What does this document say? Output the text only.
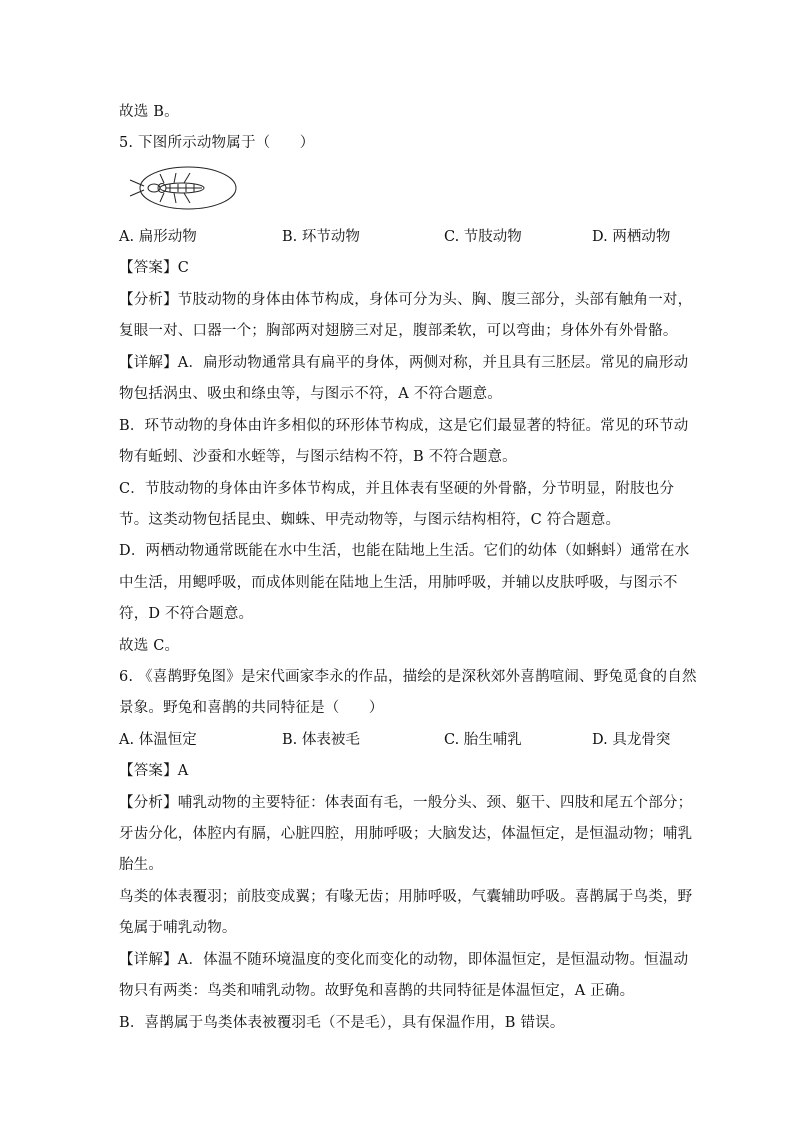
故选 B。
5. 下图所示动物属于（　　）
A. 扁形动物	B. 环节动物	C. 节肢动物	D. 两栖动物
【答案】C
【分析】节肢动物的身体由体节构成，身体可分为头、胸、腹三部分，头部有触角一对，
复眼一对、口器一个；胸部两对翅膀三对足，腹部柔软，可以弯曲；身体外有外骨骼。
【详解】A．扁形动物通常具有扁平的身体，两侧对称，并且具有三胚层。常见的扁形动
物包括涡虫、吸虫和绦虫等，与图示不符，A 不符合题意。
B．环节动物的身体由许多相似的环形体节构成，这是它们最显著的特征。常见的环节动
物有蚯蚓、沙蚕和水蛭等，与图示结构不符，B 不符合题意。
C．节肢动物的身体由许多体节构成，并且体表有坚硬的外骨骼，分节明显，附肢也分
节。这类动物包括昆虫、蜘蛛、甲壳动物等，与图示结构相符，C 符合题意。
D．两栖动物通常既能在水中生活，也能在陆地上生活。它们的幼体（如蝌蚪）通常在水
中生活，用鳃呼吸，而成体则能在陆地上生活，用肺呼吸，并辅以皮肤呼吸，与图示不
符，D 不符合题意。
故选 C。
6. 《喜鹊野兔图》是宋代画家李永的作品，描绘的是深秋郊外喜鹊喧闹、野兔觅食的自然
景象。野兔和喜鹊的共同特征是（　　）
A. 体温恒定	B. 体表被毛	C. 胎生哺乳	D. 具龙骨突
【答案】A
【分析】哺乳动物的主要特征：体表面有毛，一般分头、颈、躯干、四肢和尾五个部分；
牙齿分化，体腔内有膈，心脏四腔，用肺呼吸；大脑发达，体温恒定，是恒温动物；哺乳
胎生。
鸟类的体表覆羽；前肢变成翼；有喙无齿；用肺呼吸，气囊辅助呼吸。喜鹊属于鸟类，野
兔属于哺乳动物。
【详解】A．体温不随环境温度的变化而变化的动物，即体温恒定，是恒温动物。恒温动
物只有两类：鸟类和哺乳动物。故野兔和喜鹊的共同特征是体温恒定，A 正确。
B．喜鹊属于鸟类体表被覆羽毛（不是毛），具有保温作用，B 错误。
